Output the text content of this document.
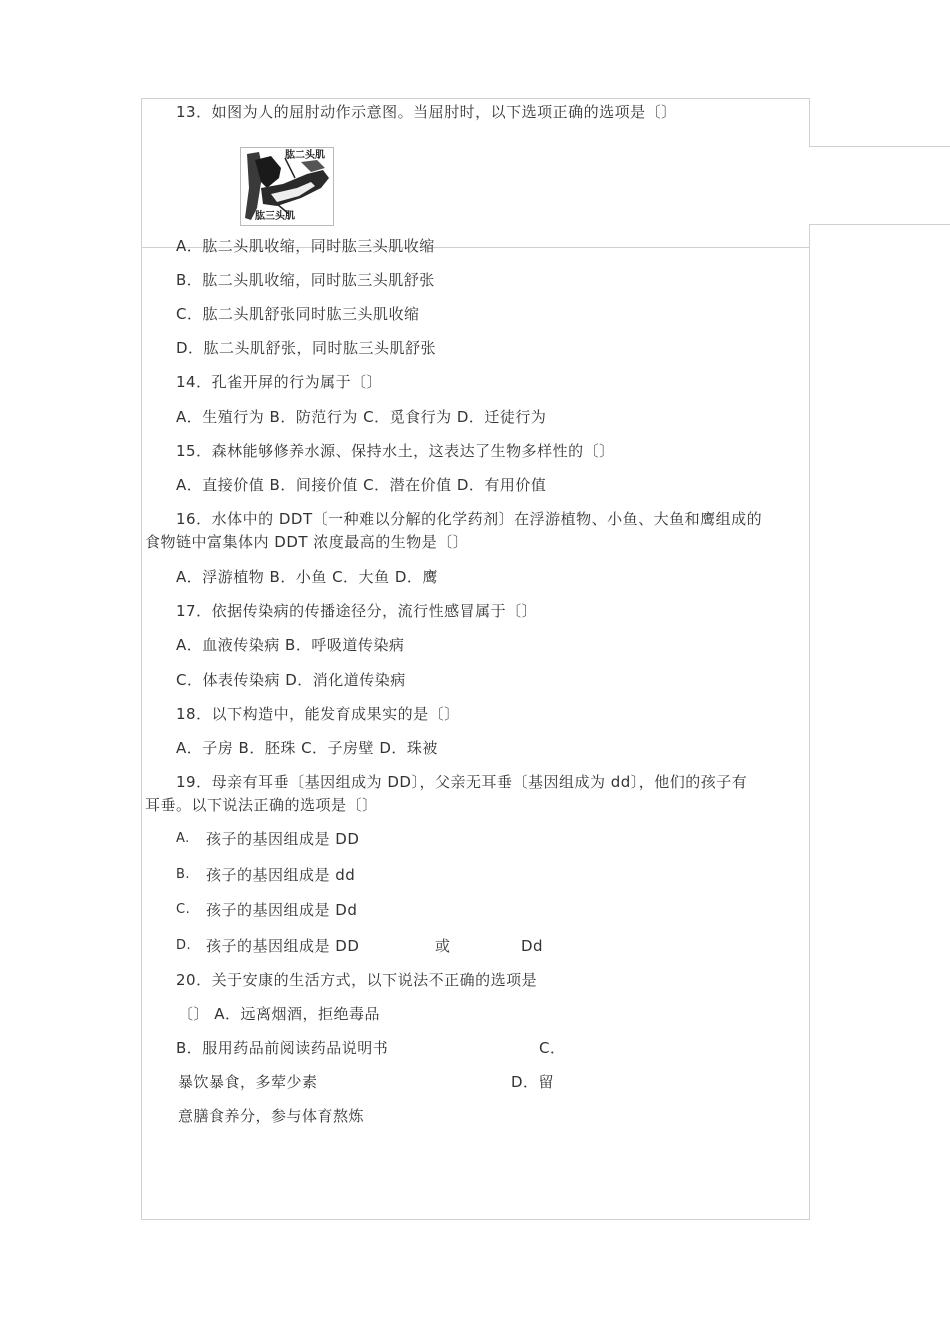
13．如图为人的屈肘动作示意图。当屈肘时，以下选项正确的选项是〔〕
肱二头肌
肱三头肌
A．肱二头肌收缩，同时肱三头肌收缩
B．肱二头肌收缩，同时肱三头肌舒张
C．肱二头肌舒张同时肱三头肌收缩
D．肱二头肌舒张，同时肱三头肌舒张
14．孔雀开屏的行为属于〔〕
A．生殖行为 B．防范行为 C．觅食行为 D．迁徒行为
15．森林能够修养水源、保持水土，这表达了生物多样性的〔〕
A．直接价值 B．间接价值 C．潜在价值 D．有用价值
16．水体中的 DDT〔一种难以分解的化学药剂〕在浮游植物、小鱼、大鱼和鹰组成的
食物链中富集体内 DDT 浓度最高的生物是〔〕
A．浮游植物 B．小鱼 C．大鱼 D．鹰
17．依据传染病的传播途径分，流行性感冒属于〔〕
A．血液传染病 B．呼吸道传染病
C．体表传染病 D．消化道传染病
18．以下构造中，能发育成果实的是〔〕
A．子房 B．胚珠 C．子房壁 D．珠被
19．母亲有耳垂〔基因组成为 DD〕，父亲无耳垂〔基因组成为 dd〕，他们的孩子有
耳垂。以下说法正确的选项是〔〕
A. 孩子的基因组成是 DD
B. 孩子的基因组成是 dd
C. 孩子的基因组成是 Dd
D. 孩子的基因组成是 DD	或	Dd
20．关于安康的生活方式，以下说法不正确的选项是
〔〕 A．远离烟酒，拒绝毒品
B．服用药品前阅读药品说明书	C．
暴饮暴食，多荤少素	D．留
意膳食养分，参与体育熬炼
